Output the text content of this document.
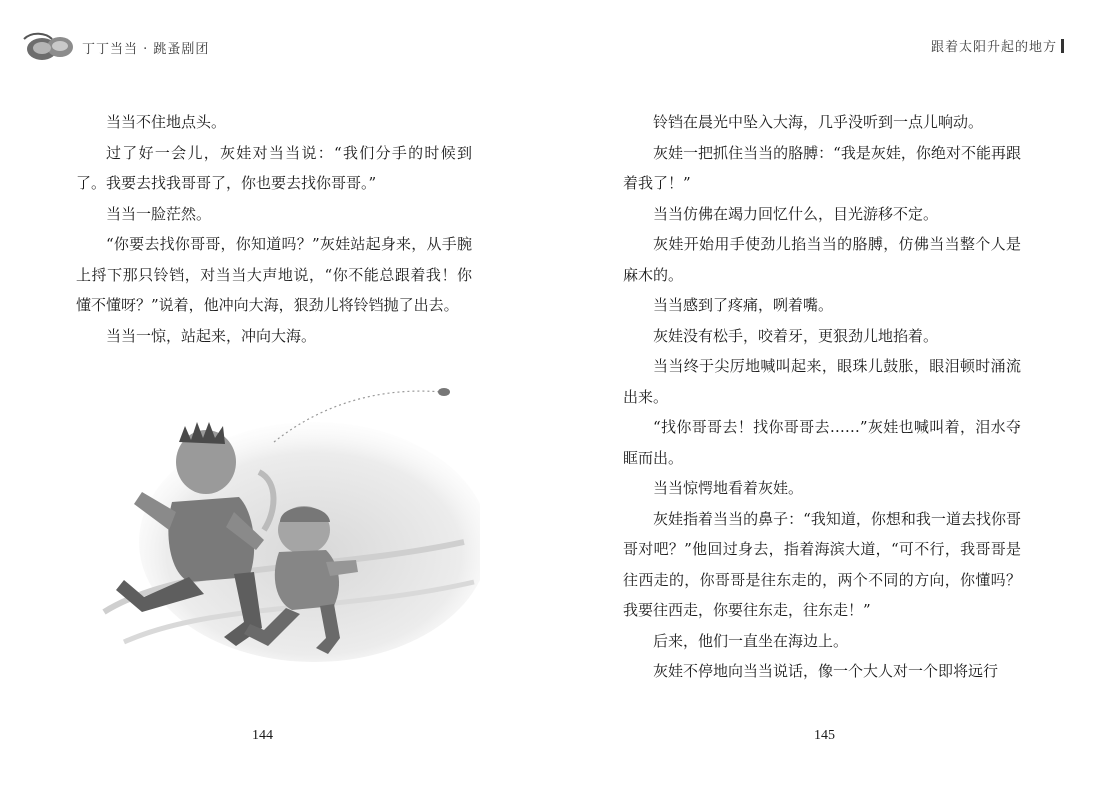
丁丁当当 · 跳蚤剧团	跟着太阳升起的地方

当当不住地点头。

过了好一会儿，灰娃对当当说：“我们分手的时候到了。我要去找我哥哥了，你也要去找你哥哥。”

当当一脸茫然。

“你要去找你哥哥，你知道吗？”灰娃站起身来，从手腕上捋下那只铃铛，对当当大声地说，“你不能总跟着我！你懂不懂呀？”说着，他冲向大海，狠劲儿将铃铛抛了出去。

当当一惊，站起来，冲向大海。

144

铃铛在晨光中坠入大海，几乎没听到一点儿响动。

灰娃一把抓住当当的胳膊：“我是灰娃，你绝对不能再跟着我了！”

当当仿佛在竭力回忆什么，目光游移不定。

灰娃开始用手使劲儿掐当当的胳膊，仿佛当当整个人是麻木的。

当当感到了疼痛，咧着嘴。

灰娃没有松手，咬着牙，更狠劲儿地掐着。

当当终于尖厉地喊叫起来，眼珠儿鼓胀，眼泪顿时涌流出来。

“找你哥哥去！找你哥哥去……”灰娃也喊叫着，泪水夺眶而出。

当当惊愕地看着灰娃。

灰娃指着当当的鼻子：“我知道，你想和我一道去找你哥哥对吧？”他回过身去，指着海滨大道，“可不行，我哥哥是往西走的，你哥哥是往东走的，两个不同的方向，你懂吗？我要往西走，你要往东走，往东走！”

后来，他们一直坐在海边上。

灰娃不停地向当当说话，像一个大人对一个即将远行

145
